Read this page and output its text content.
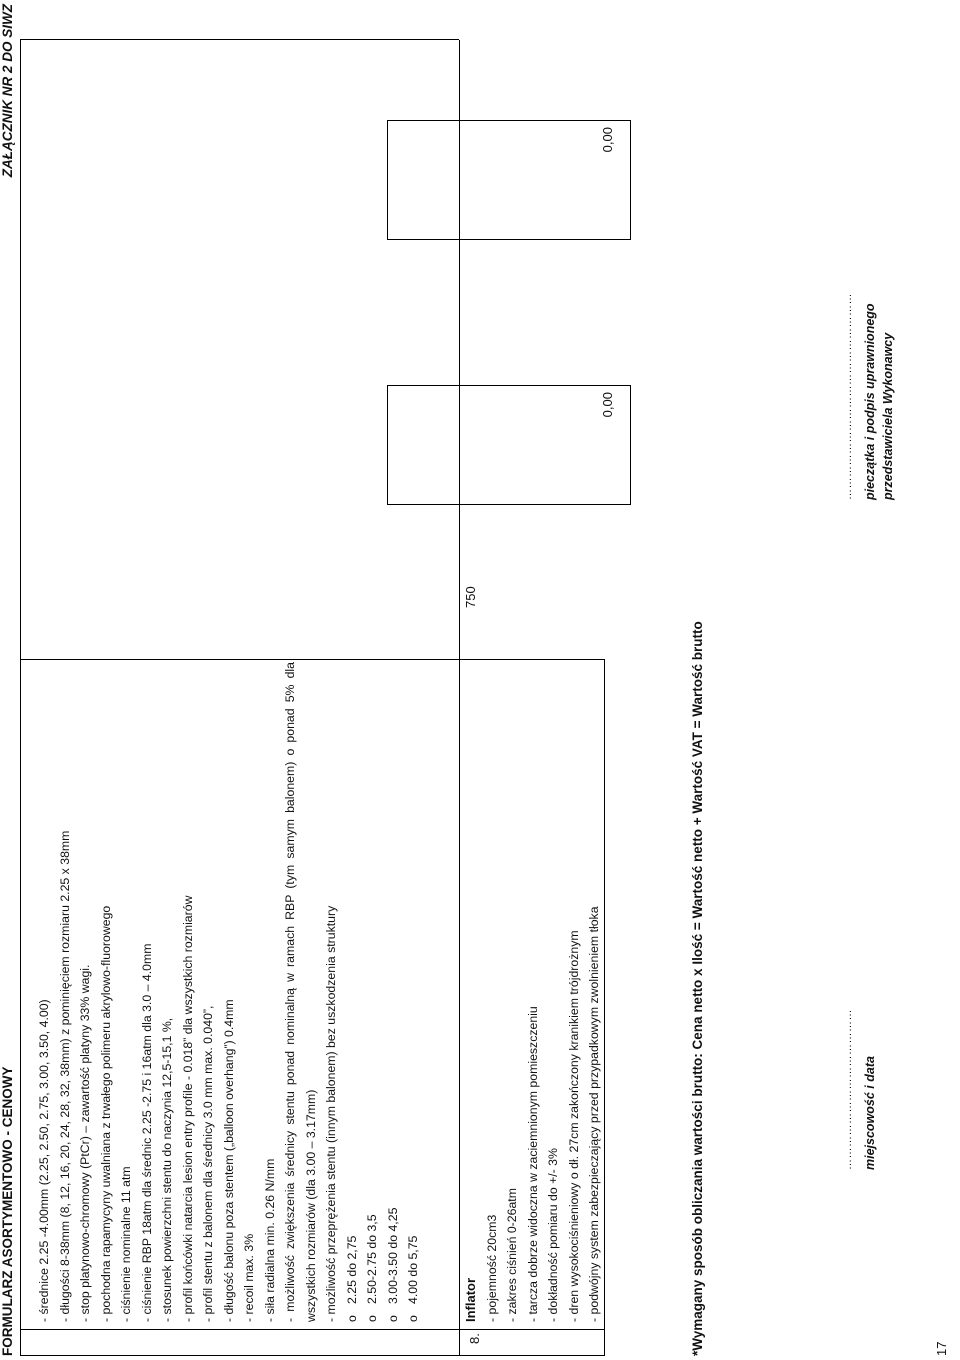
FORMULARZ ASORTYMENTOWO - CENOWY
ZAŁĄCZNIK NR 2 DO SIWZ
- średnice 2.25 -4.00mm (2.25, 2.50, 2.75, 3.00, 3.50, 4.00) - długości 8-38mm (8, 12, 16, 20, 24, 28, 32, 38mm) z pominięciem rozmiaru 2.25 x 38mm - stop platynowo-chromowy (PtCr) – zawartość platyny 33% wagi. - pochodna rapamycyny uwalniana z trwałego polimeru akrylowo-fluorowego - ciśnienie nominalne 11 atm - ciśnienie RBP 18atm dla średnic 2.25 -2.75 i 16atm dla 3.0 – 4.0mm - stosunek powierzchni stentu do naczynia 12,5-15,1 %, - profil końcówki natarcia lesion entry profile - 0.018” dla wszystkich rozmiarów - profil stentu z balonem dla średnicy 3.0 mm max. 0.040”, - długość balonu poza stentem („balloon overhang”) 0.4mm - recoil max. 3% - siła radialna min. 0.26 N/mm - możliwość zwiększenia średnicy stentu ponad nominalną w ramach RBP (tym samym balonem) o ponad 5% dla wszystkich rozmiarów (dla 3.00 – 3.17mm) - możliwość przeprężenia stentu (innym balonem) bez uszkodzenia struktury o2.25 do 2,75
o2.50-2.75 do 3,5
o3.00-3.50 do 4,25
o4.00 do 5,75
8.
Inflator - pojemność 20cm3 - zakres ciśnień 0-26atm - tarcza dobrze widoczna w zaciemnionym pomieszczeniu - dokładność pomiaru do +/- 3% - dren wysokociśnieniowy o dł. 27cm zakończony kranikiem trójdrożnym - podwójny system zabezpieczający przed przypadkowym zwolnieniem tłoka
750
0,00
0,00
*Wymagany sposób obliczania wartości brutto: Cena netto x Ilość = Wartość netto + Wartość VAT = Wartość brutto	…………………………………… miejscowość i data
……………………………………………… pieczątka i podpis uprawnionego przedstawiciela Wykonawcy
17
